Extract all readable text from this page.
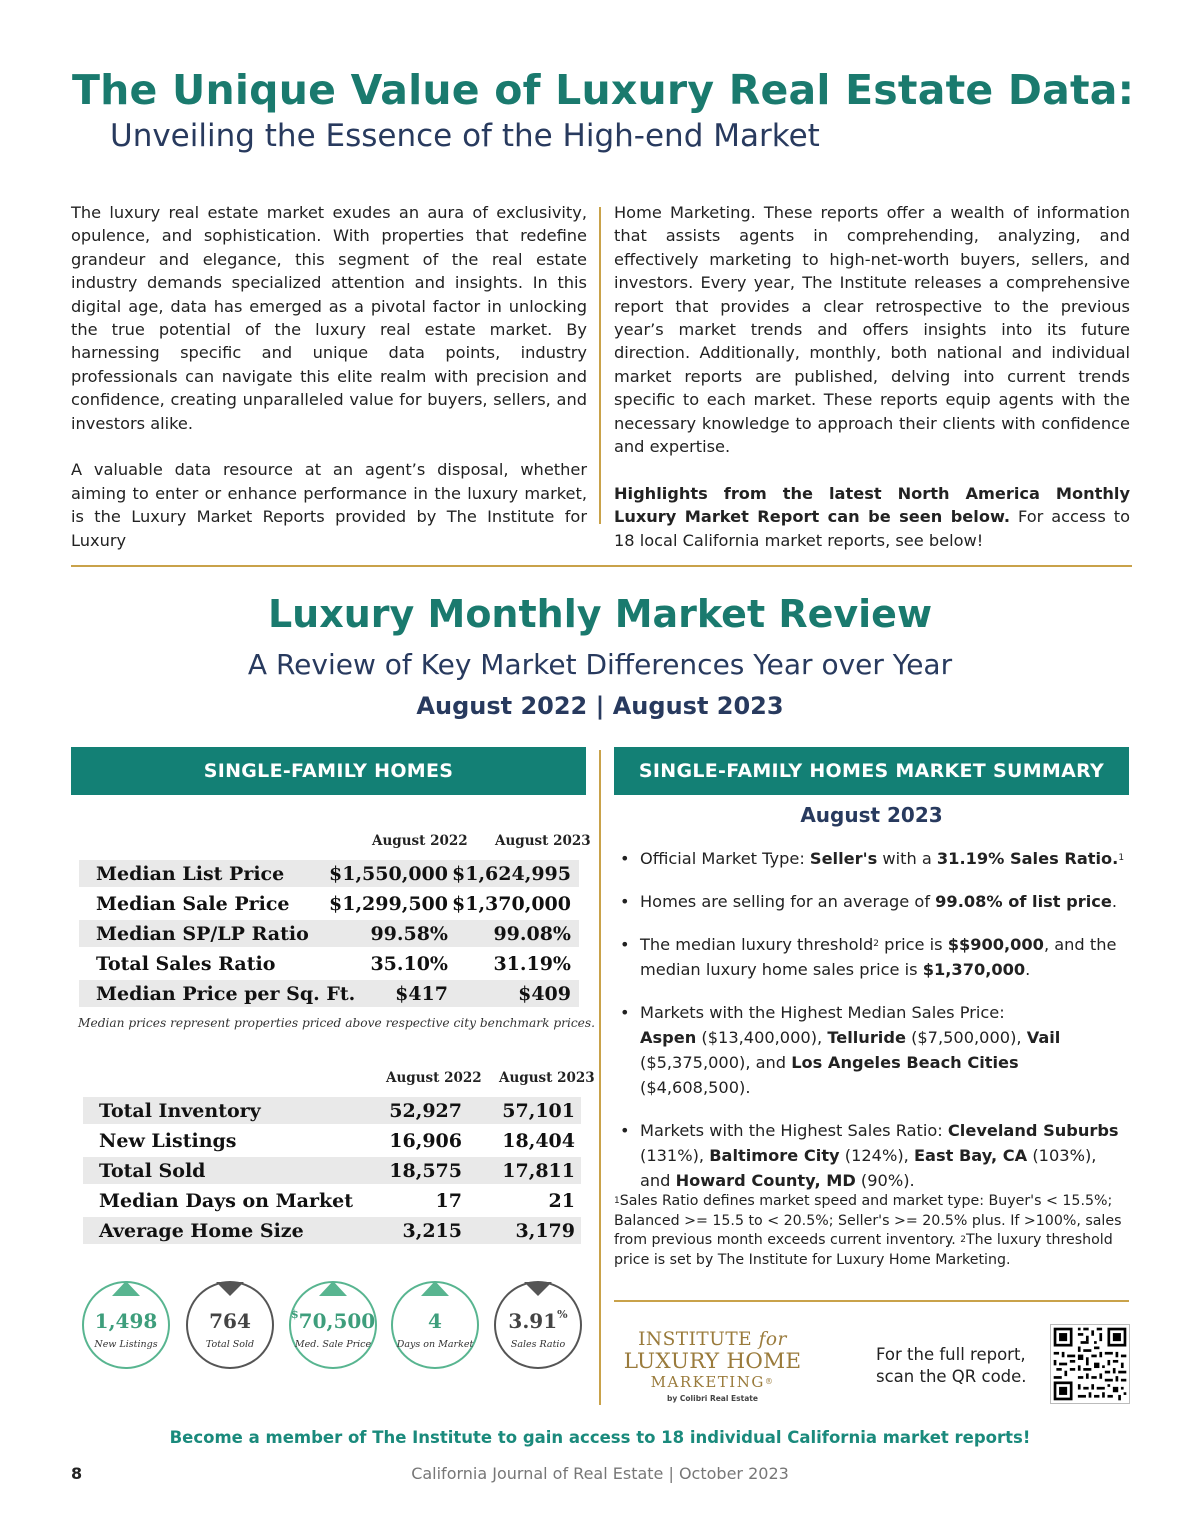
The Unique Value of Luxury Real Estate Data:
Unveiling the Essence of the High-end Market

The luxury real estate market exudes an aura of exclusivity, opulence, and sophistication. With properties that redefine grandeur and elegance, this segment of the real estate industry demands specialized attention and insights. In this digital age, data has emerged as a pivotal factor in unlocking the true potential of the luxury real estate market. By harnessing specific and unique data points, industry professionals can navigate this elite realm with precision and confidence, creating unparalleled value for buyers, sellers, and investors alike.

A valuable data resource at an agent’s disposal, whether aiming to enter or enhance performance in the luxury market, is the Luxury Market Reports provided by The Institute for Luxury

Home Marketing. These reports offer a wealth of information that assists agents in comprehending, analyzing, and effectively marketing to high-net-worth buyers, sellers, and investors. Every year, The Institute releases a comprehensive report that provides a clear retrospective to the previous year’s market trends and offers insights into its future direction. Additionally, monthly, both national and individual market reports are published, delving into current trends specific to each market. These reports equip agents with the necessary knowledge to approach their clients with confidence and expertise.

Highlights from the latest North America Monthly Luxury Market Report can be seen below. For access to 18 local California market reports, see below!

Luxury Monthly Market Review
A Review of Key Market Differences Year over Year
August 2022 | August 2023
SINGLE-FAMILY HOMES	SINGLE-FAMILY HOMES MARKET SUMMARY
August 2022 August 2023
Median List Price $1,550,000 $1,624,995
Median Sale Price $1,299,500 $1,370,000
Median SP/LP Ratio	99.58% 99.08%
Total Sales Ratio	35.10% 31.19%
Median Price per Sq. Ft. $417	$409
Median prices represent properties priced above respective city benchmark prices.
August 2022 August 2023
Total Inventory	52,927 57,101
New Listings	16,906 18,404
Total Sold	18,575 17,811
Median Days on Market	17	21
Average Home Size	3,215	3,179
1,498
New Listings
764
Total Sold
$70,500
Med. Sale Price
4
Days on Market
3.91%
Sales Ratio
August 2023
• Official Market Type: Seller's with a 31.19% Sales Ratio.$^1$
• Homes are selling for an average of 99.08% of list price.
• The median luxury threshold$^2$ price is $$900,000, and the median luxury home sales price is $1,370,000.
• Markets with the Highest Median Sales Price:
Aspen ($13,400,000), Telluride ($7,500,000), Vail ($5,375,000), and Los Angeles Beach Cities ($4,608,500).
• Markets with the Highest Sales Ratio: Cleveland Suburbs (131%), Baltimore City (124%), East Bay, CA (103%), and Howard County, MD (90%).
$^1$Sales Ratio defines market speed and market type: Buyer's < 15.5%; Balanced >= 15.5 to < 20.5%; Seller's >= 20.5% plus. If >100%, sales from previous month exceeds current inventory. $^2$The luxury threshold price is set by The Institute for Luxury Home Marketing.
INSTITUTE for
LUXURY HOME
MARKETING®
by Colibri Real Estate
For the full report, scan the QR code.
Become a member of The Institute to gain access to 18 individual California market reports!
8	California Journal of Real Estate | October 2023
